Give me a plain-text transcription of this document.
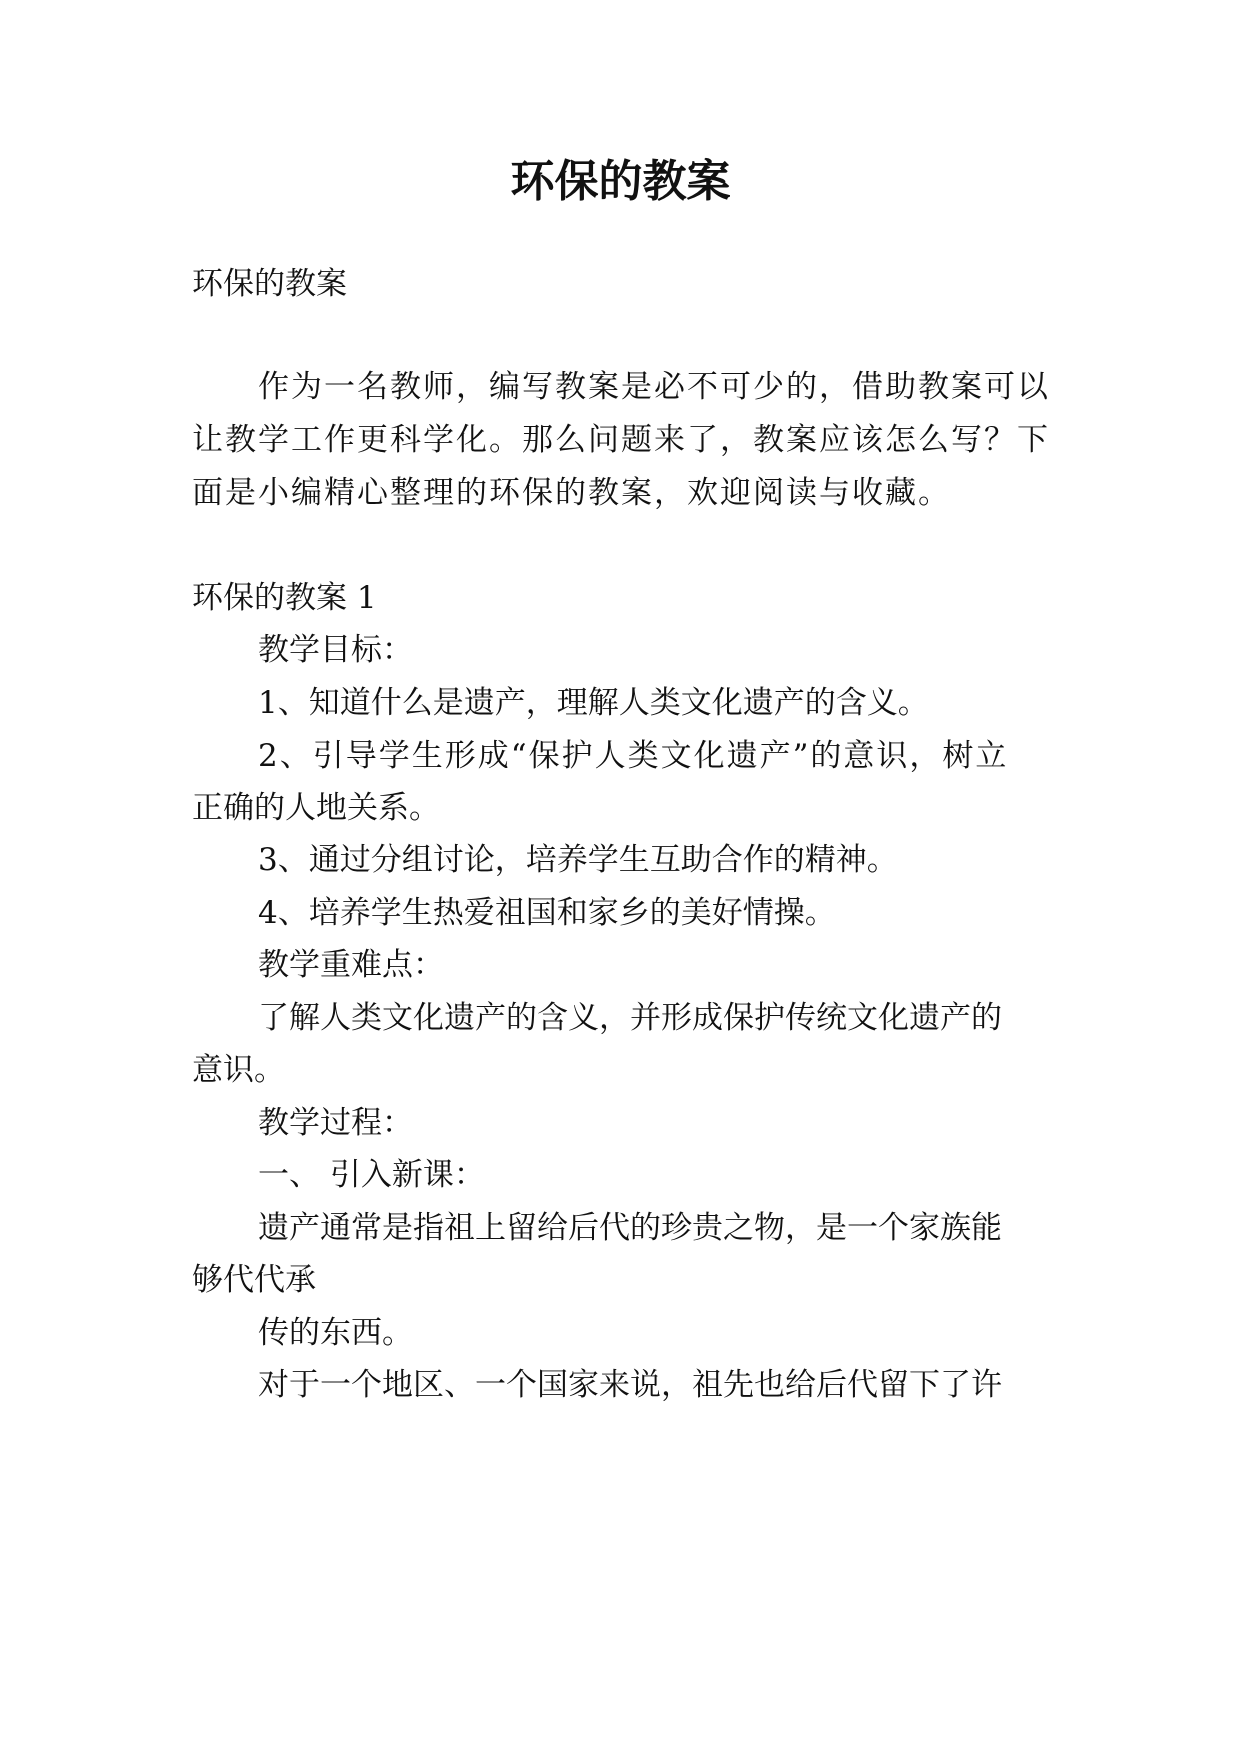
环保的教案

环保的教案

作为一名教师，编写教案是必不可少的，借助教案可以

让教学工作更科学化。那么问题来了，教案应该怎么写？下

面是小编精心整理的环保的教案，欢迎阅读与收藏。

环保的教案 1

教学目标：

1、知道什么是遗产，理解人类文化遗产的含义。

2、引导学生形成“保护人类文化遗产”的意识，树立

正确的人地关系。

3、通过分组讨论，培养学生互助合作的精神。

4、培养学生热爱祖国和家乡的美好情操。

教学重难点：

了解人类文化遗产的含义，并形成保护传统文化遗产的

意识。

教学过程：

一、 引入新课：

遗产通常是指祖上留给后代的珍贵之物，是一个家族能

够代代承

传的东西。

对于一个地区、一个国家来说，祖先也给后代留下了许
